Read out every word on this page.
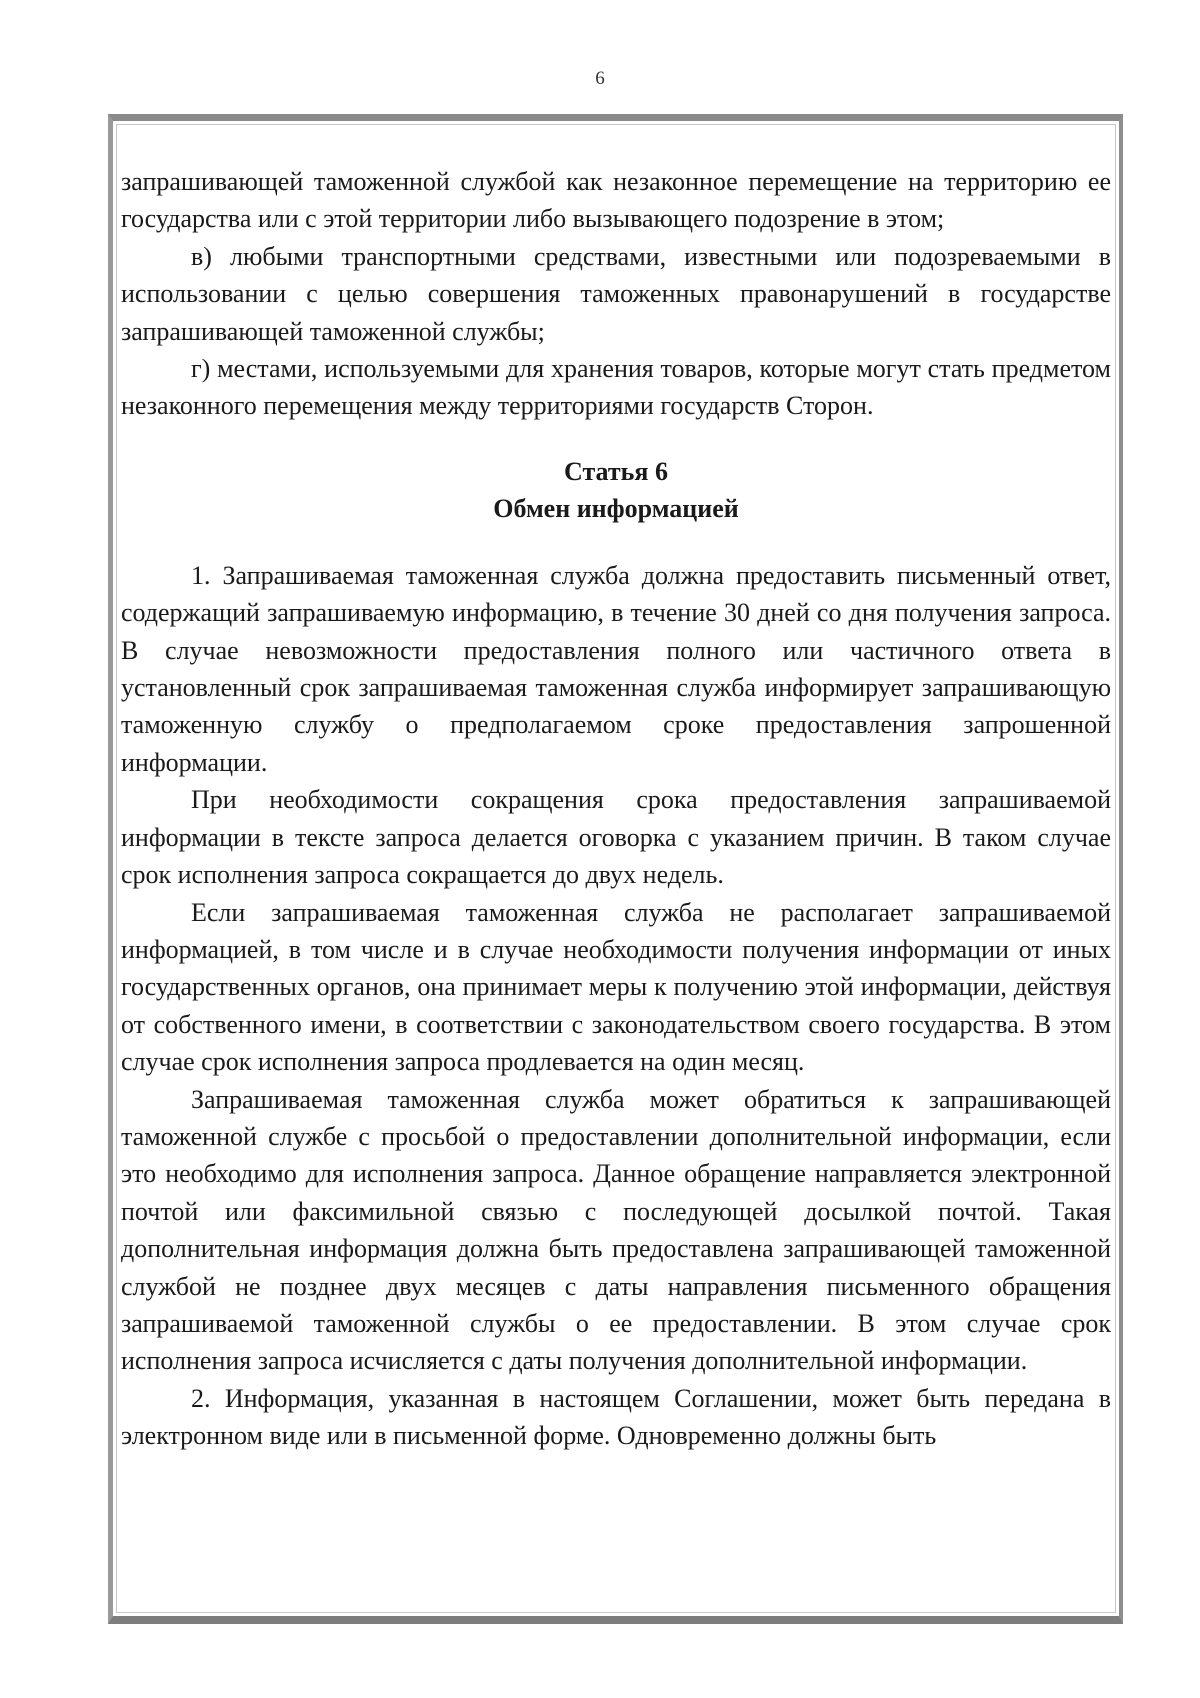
6

запрашивающей таможенной службой как незаконное перемещение на территорию ее государства или с этой территории либо вызывающего подозрение в этом;

в) любыми транспортными средствами, известными или подозреваемыми в использовании с целью совершения таможенных правонарушений в государстве запрашивающей таможенной службы;

г) местами, используемыми для хранения товаров, которые могут стать предметом незаконного перемещения между территориями государств Сторон.

Статья 6
Обмен информацией

1. Запрашиваемая таможенная служба должна предоставить письменный ответ, содержащий запрашиваемую информацию, в течение 30 дней со дня получения запроса. В случае невозможности предоставления полного или частичного ответа в установленный срок запрашиваемая таможенная служба информирует запрашивающую таможенную службу о предполагаемом сроке предоставления запрошенной информации.

При необходимости сокращения срока предоставления запрашиваемой информации в тексте запроса делается оговорка с указанием причин. В таком случае срок исполнения запроса сокращается до двух недель.

Если запрашиваемая таможенная служба не располагает запрашиваемой информацией, в том числе и в случае необходимости получения информации от иных государственных органов, она принимает меры к получению этой информации, действуя от собственного имени, в соответствии с законодательством своего государства. В этом случае срок исполнения запроса продлевается на один месяц.

Запрашиваемая таможенная служба может обратиться к запрашивающей таможенной службе с просьбой о предоставлении дополнительной информации, если это необходимо для исполнения запроса. Данное обращение направляется электронной почтой или факсимильной связью с последующей досылкой почтой. Такая дополнительная информация должна быть предоставлена запрашивающей таможенной службой не позднее двух месяцев с даты направления письменного обращения запрашиваемой таможенной службы о ее предоставлении. В этом случае срок исполнения запроса исчисляется с даты получения дополнительной информации.

2. Информация, указанная в настоящем Соглашении, может быть передана в электронном виде или в письменной форме. Одновременно должны быть
